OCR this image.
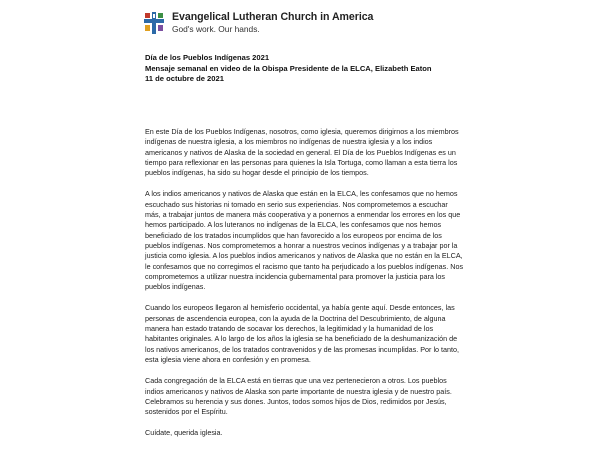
Evangelical Lutheran Church in America
God's work. Our hands.
Día de los Pueblos Indígenas 2021
Mensaje semanal en video de la Obispa Presidente de la ELCA, Elizabeth Eaton
11 de octubre de 2021

En este Día de los Pueblos Indígenas, nosotros, como iglesia, queremos dirigirnos a los miembros indígenas de nuestra iglesia, a los miembros no indígenas de nuestra iglesia y a los indios americanos y nativos de Alaska de la sociedad en general. El Día de los Pueblos Indígenas es un tiempo para reflexionar en las personas para quienes la Isla Tortuga, como llaman a esta tierra los pueblos indígenas, ha sido su hogar desde el principio de los tiempos.

A los indios americanos y nativos de Alaska que están en la ELCA, les confesamos que no hemos escuchado sus historias ni tomado en serio sus experiencias. Nos comprometemos a escuchar más, a trabajar juntos de manera más cooperativa y a ponernos a enmendar los errores en los que hemos participado. A los luteranos no indígenas de la ELCA, les confesamos que nos hemos beneficiado de los tratados incumplidos que han favorecido a los europeos por encima de los pueblos indígenas. Nos comprometemos a honrar a nuestros vecinos indígenas y a trabajar por la justicia como iglesia. A los pueblos indios americanos y nativos de Alaska que no están en la ELCA, le confesamos que no corregimos el racismo que tanto ha perjudicado a los pueblos indígenas. Nos comprometemos a utilizar nuestra incidencia gubernamental para promover la justicia para los pueblos indígenas.

Cuando los europeos llegaron al hemisferio occidental, ya había gente aquí. Desde entonces, las personas de ascendencia europea, con la ayuda de la Doctrina del Descubrimiento, de alguna manera han estado tratando de socavar los derechos, la legitimidad y la humanidad de los habitantes originales. A lo largo de los años la iglesia se ha beneficiado de la deshumanización de los nativos americanos, de los tratados contravenidos y de las promesas incumplidas. Por lo tanto, esta iglesia viene ahora en confesión y en promesa.

Cada congregación de la ELCA está en tierras que una vez pertenecieron a otros. Los pueblos indios americanos y nativos de Alaska son parte importante de nuestra iglesia y de nuestro país. Celebramos su herencia y sus dones. Juntos, todos somos hijos de Dios, redimidos por Jesús, sostenidos por el Espíritu.

Cuídate, querida iglesia.
